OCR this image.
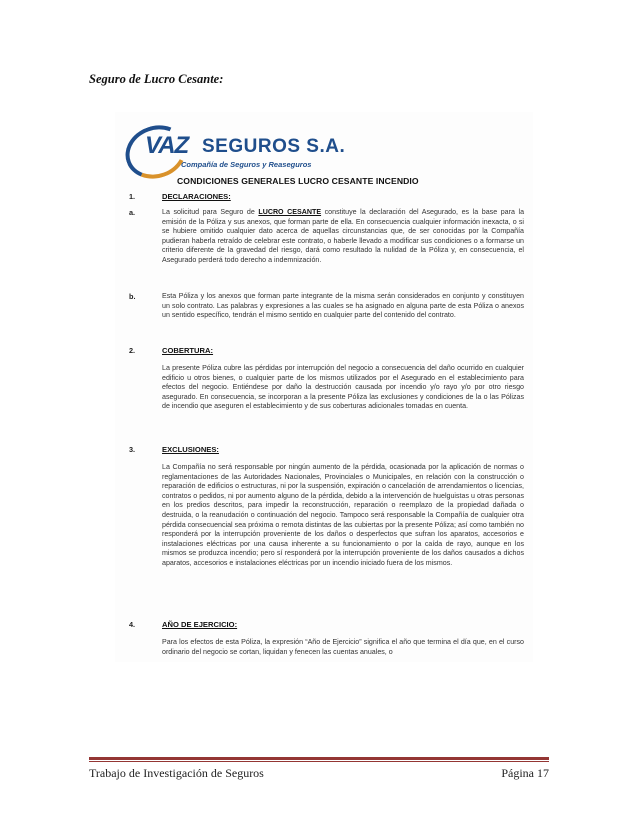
Seguro de Lucro Cesante:
VAZ SEGUROS S.A.
Compañía de Seguros y Reaseguros
CONDICIONES GENERALES LUCRO CESANTE INCENDIO
1.	DECLARACIONES:
a.	La solicitud para Seguro de LUCRO CESANTE constituye la declaración del Asegurado, es la base para la emisión de la Póliza y sus anexos, que forman parte de ella. En consecuencia cualquier información inexacta, o si se hubiere omitido cualquier dato acerca de aquellas circunstancias que, de ser conocidas por la Compañía pudieran haberla retraído de celebrar este contrato, o haberle llevado a modificar sus condiciones o a formarse un criterio diferente de la gravedad del riesgo, dará como resultado la nulidad de la Póliza y, en consecuencia, el Asegurado perderá todo derecho a indemnización.
b.	Esta Póliza y los anexos que forman parte integrante de la misma serán considerados en conjunto y constituyen un solo contrato. Las palabras y expresiones a las cuales se ha asignado en alguna parte de esta Póliza o anexos un sentido específico, tendrán el mismo sentido en cualquier parte del contenido del contrato.
2.	COBERTURA:
La presente Póliza cubre las pérdidas por interrupción del negocio a consecuencia del daño ocurrido en cualquier edificio u otros bienes, o cualquier parte de los mismos utilizados por el Asegurado en el establecimiento para efectos del negocio. Entiéndese por daño la destrucción causada por incendio y/o rayo y/o por otro riesgo asegurado. En consecuencia, se incorporan a la presente Póliza las exclusiones y condiciones de la o las Pólizas de incendio que aseguren el establecimiento y de sus coberturas adicionales tomadas en cuenta.
3.	EXCLUSIONES:
La Compañía no será responsable por ningún aumento de la pérdida, ocasionada por la aplicación de normas o reglamentaciones de las Autoridades Nacionales, Provinciales o Municipales, en relación con la construcción o reparación de edificios o estructuras, ni por la suspensión, expiración o cancelación de arrendamientos o licencias, contratos o pedidos, ni por aumento alguno de la pérdida, debido a la intervención de huelguistas u otras personas en los predios descritos, para impedir la reconstrucción, reparación o reemplazo de la propiedad dañada o destruida, o la reanudación o continuación del negocio. Tampoco será responsable la Compañía de cualquier otra pérdida consecuencial sea próxima o remota distintas de las cubiertas por la presente Póliza; así como también no responderá por la interrupción proveniente de los daños o desperfectos que sufran los aparatos, accesorios e instalaciones eléctricas por una causa inherente a su funcionamiento o por la caída de rayo, aunque en los mismos se produzca incendio; pero sí responderá por la interrupción proveniente de los daños causados a dichos aparatos, accesorios e instalaciones eléctricas por un incendio iniciado fuera de los mismos.
4.	AÑO DE EJERCICIO:
Para los efectos de esta Póliza, la expresión “Año de Ejercicio” significa el año que termina el día que, en el curso ordinario del negocio se cortan, liquidan y fenecen las cuentas anuales, o
Trabajo de Investigación de Seguros	Página 17
